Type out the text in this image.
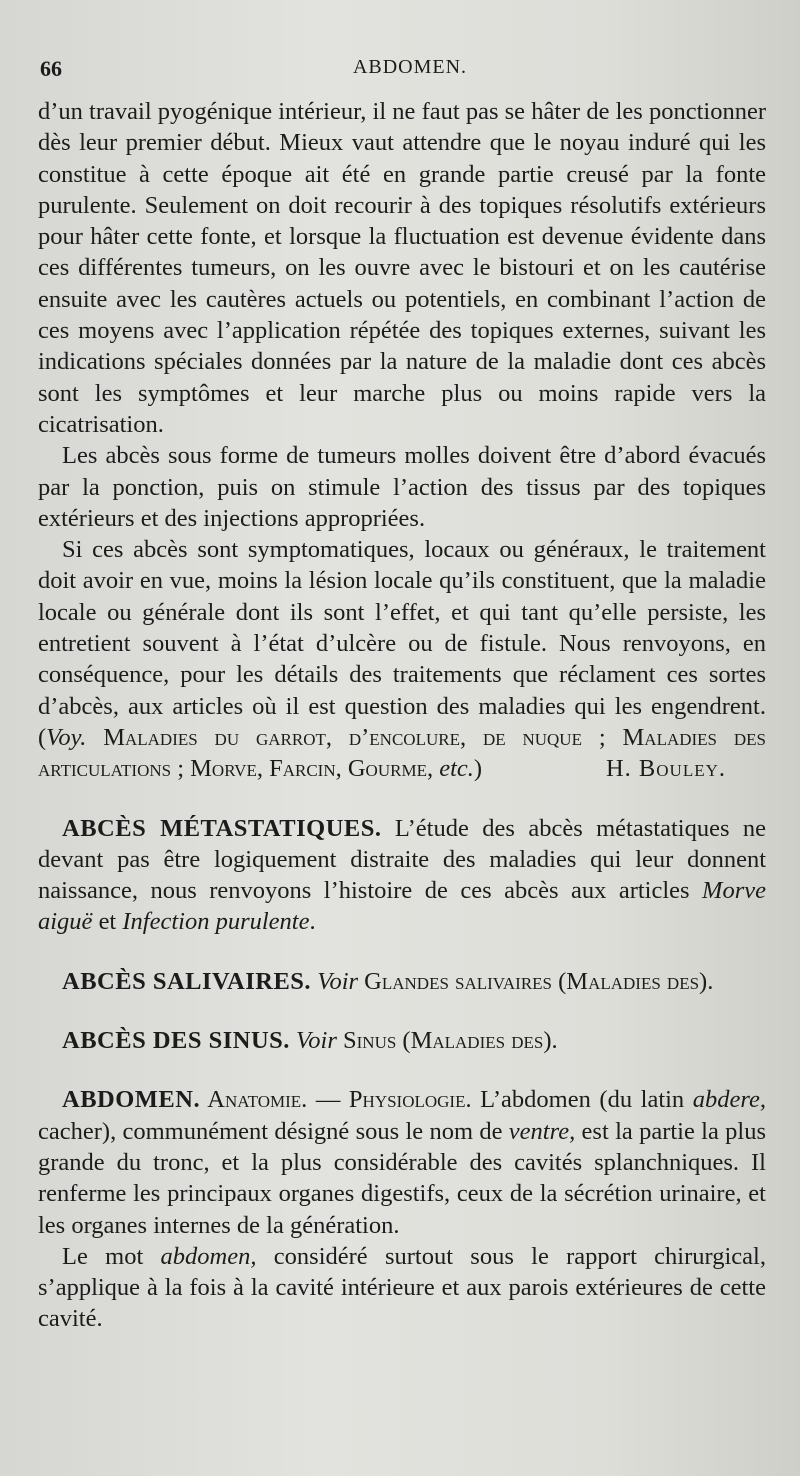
66	ABDOMEN.

d’un travail pyogénique intérieur, il ne faut pas se hâter de les ponctionner dès leur premier début. Mieux vaut attendre que le noyau induré qui les constitue à cette époque ait été en grande partie creusé par la fonte purulente. Seulement on doit recourir à des topiques résolutifs extérieurs pour hâter cette fonte, et lorsque la fluctuation est devenue évidente dans ces différentes tumeurs, on les ouvre avec le bistouri et on les cautérise ensuite avec les cautères actuels ou potentiels, en combinant l’action de ces moyens avec l’application répétée des topiques externes, suivant les indications spéciales données par la nature de la maladie dont ces abcès sont les symptômes et leur marche plus ou moins rapide vers la cicatrisation.

Les abcès sous forme de tumeurs molles doivent être d’abord évacués par la ponction, puis on stimule l’action des tissus par des topiques extérieurs et des injections appropriées.

Si ces abcès sont symptomatiques, locaux ou généraux, le traitement doit avoir en vue, moins la lésion locale qu’ils constituent, que la maladie locale ou générale dont ils sont l’effet, et qui tant qu’elle persiste, les entretient souvent à l’état d’ulcère ou de fistule. Nous renvoyons, en conséquence, pour les détails des traitements que réclament ces sortes d’abcès, aux articles où il est question des maladies qui les engendrent. (Voy. Maladies du garrot, d’encolure, de nuque ; Maladies des articulations ; Morve, Farcin, Gourme, etc.)	H. Bouley.

ABCÈS MÉTASTATIQUES. L’étude des abcès métastatiques ne devant pas être logiquement distraite des maladies qui leur donnent naissance, nous renvoyons l’histoire de ces abcès aux articles Morve aiguë et Infection purulente.

ABCÈS SALIVAIRES. Voir Glandes salivaires (Maladies des).

ABCÈS DES SINUS. Voir Sinus (Maladies des).

ABDOMEN. Anatomie. — Physiologie. L’abdomen (du latin abdere, cacher), communément désigné sous le nom de ventre, est la partie la plus grande du tronc, et la plus considérable des cavités splanchniques. Il renferme les principaux organes digestifs, ceux de la sécrétion urinaire, et les organes internes de la génération.

Le mot abdomen, considéré surtout sous le rapport chirurgical, s’applique à la fois à la cavité intérieure et aux parois extérieures de cette cavité.
